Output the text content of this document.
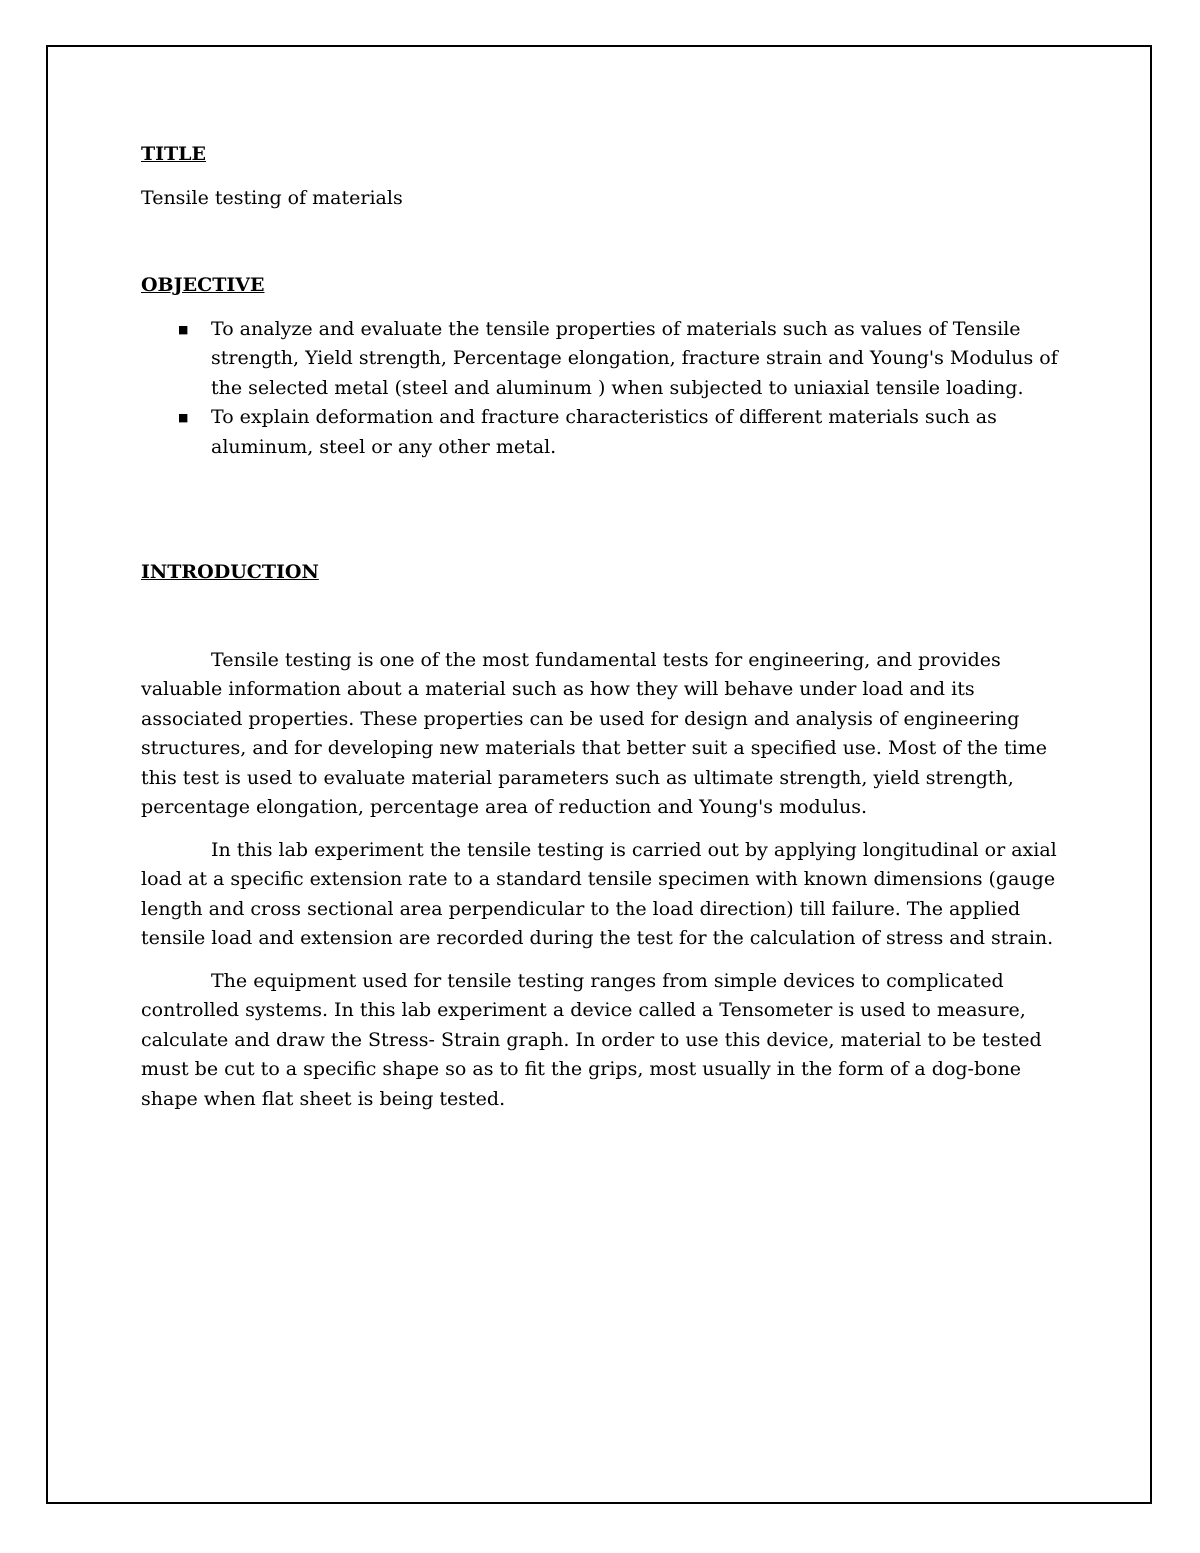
TITLE

Tensile testing of materials

OBJECTIVE

■ To analyze and evaluate the tensile properties of materials such as values of Tensile strength, Yield strength, Percentage elongation, fracture strain and Young's Modulus of the selected metal (steel and aluminum ) when subjected to uniaxial tensile loading.
■ To explain deformation and fracture characteristics of different materials such as aluminum, steel or any other metal.

INTRODUCTION

Tensile testing is one of the most fundamental tests for engineering, and provides valuable information about a material such as how they will behave under load and its associated properties. These properties can be used for design and analysis of engineering structures, and for developing new materials that better suit a specified use. Most of the time this test is used to evaluate material parameters such as ultimate strength, yield strength, percentage elongation, percentage area of reduction and Young's modulus.

In this lab experiment the tensile testing is carried out by applying longitudinal or axial load at a specific extension rate to a standard tensile specimen with known dimensions (gauge length and cross sectional area perpendicular to the load direction) till failure. The applied tensile load and extension are recorded during the test for the calculation of stress and strain.

The equipment used for tensile testing ranges from simple devices to complicated controlled systems. In this lab experiment a device called a Tensometer is used to measure, calculate and draw the Stress- Strain graph. In order to use this device, material to be tested must be cut to a specific shape so as to fit the grips, most usually in the form of a dog-bone shape when flat sheet is being tested.
